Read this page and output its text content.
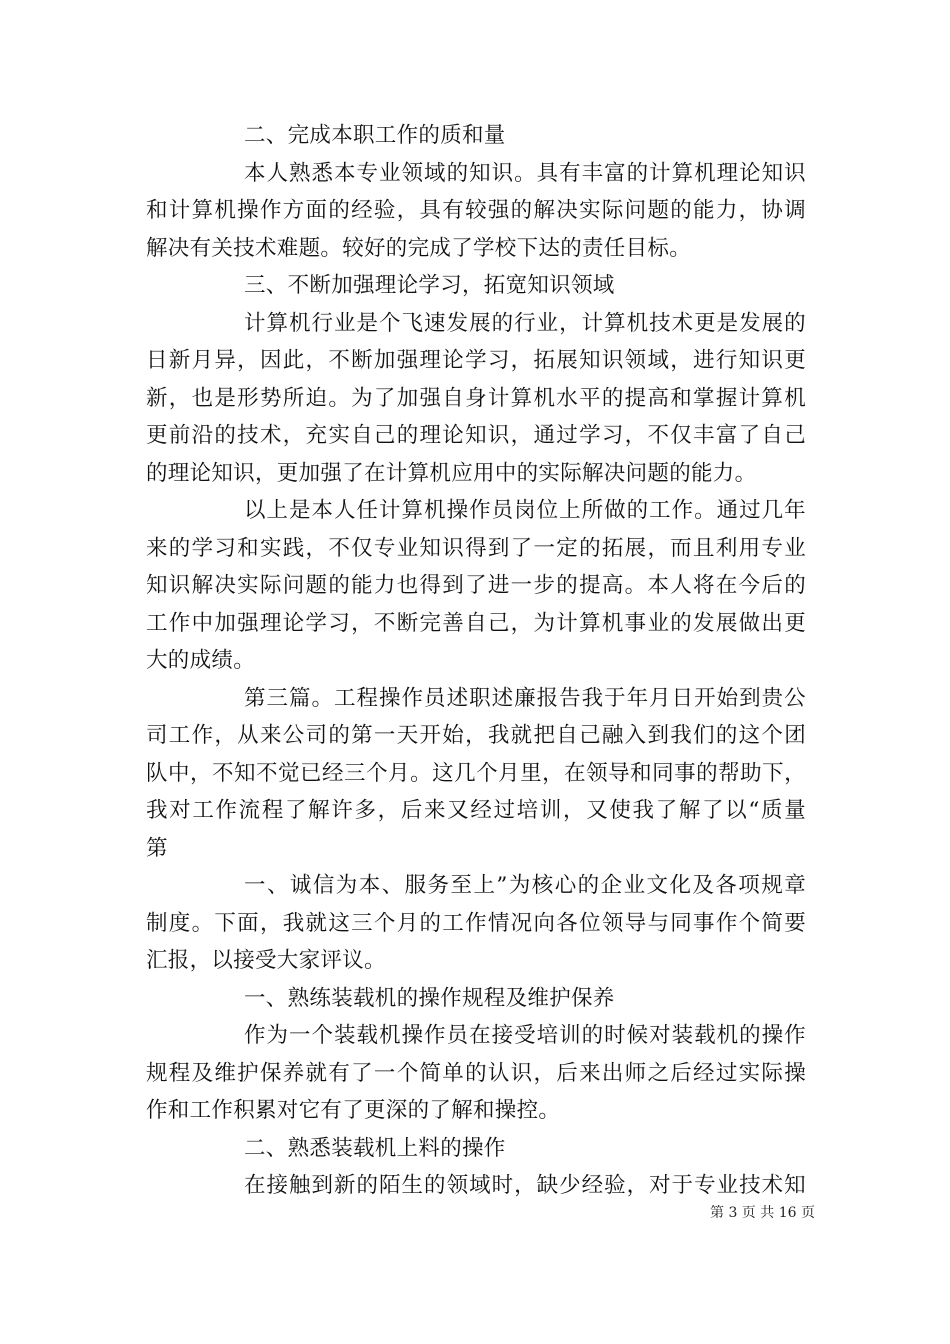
二、完成本职工作的质和量
本人熟悉本专业领域的知识。具有丰富的计算机理论知识
和计算机操作方面的经验，具有较强的解决实际问题的能力，协调
解决有关技术难题。较好的完成了学校下达的责任目标。
三、不断加强理论学习，拓宽知识领域
计算机行业是个飞速发展的行业，计算机技术更是发展的
日新月异，因此，不断加强理论学习，拓展知识领域，进行知识更
新，也是形势所迫。为了加强自身计算机水平的提高和掌握计算机
更前沿的技术，充实自己的理论知识，通过学习，不仅丰富了自己
的理论知识，更加强了在计算机应用中的实际解决问题的能力。
以上是本人任计算机操作员岗位上所做的工作。通过几年
来的学习和实践，不仅专业知识得到了一定的拓展，而且利用专业
知识解决实际问题的能力也得到了进一步的提高。本人将在今后的
工作中加强理论学习，不断完善自己，为计算机事业的发展做出更
大的成绩。
第三篇。工程操作员述职述廉报告我于年月日开始到贵公
司工作，从来公司的第一天开始，我就把自己融入到我们的这个团
队中，不知不觉已经三个月。这几个月里，在领导和同事的帮助下，
我对工作流程了解许多，后来又经过培训，又使我了解了以“质量
第
一、诚信为本、服务至上”为核心的企业文化及各项规章
制度。下面，我就这三个月的工作情况向各位领导与同事作个简要
汇报，以接受大家评议。
一、熟练装载机的操作规程及维护保养
作为一个装载机操作员在接受培训的时候对装载机的操作
规程及维护保养就有了一个简单的认识，后来出师之后经过实际操
作和工作积累对它有了更深的了解和操控。
二、熟悉装载机上料的操作
在接触到新的陌生的领域时，缺少经验，对于专业技术知
第 3 页 共 16 页
